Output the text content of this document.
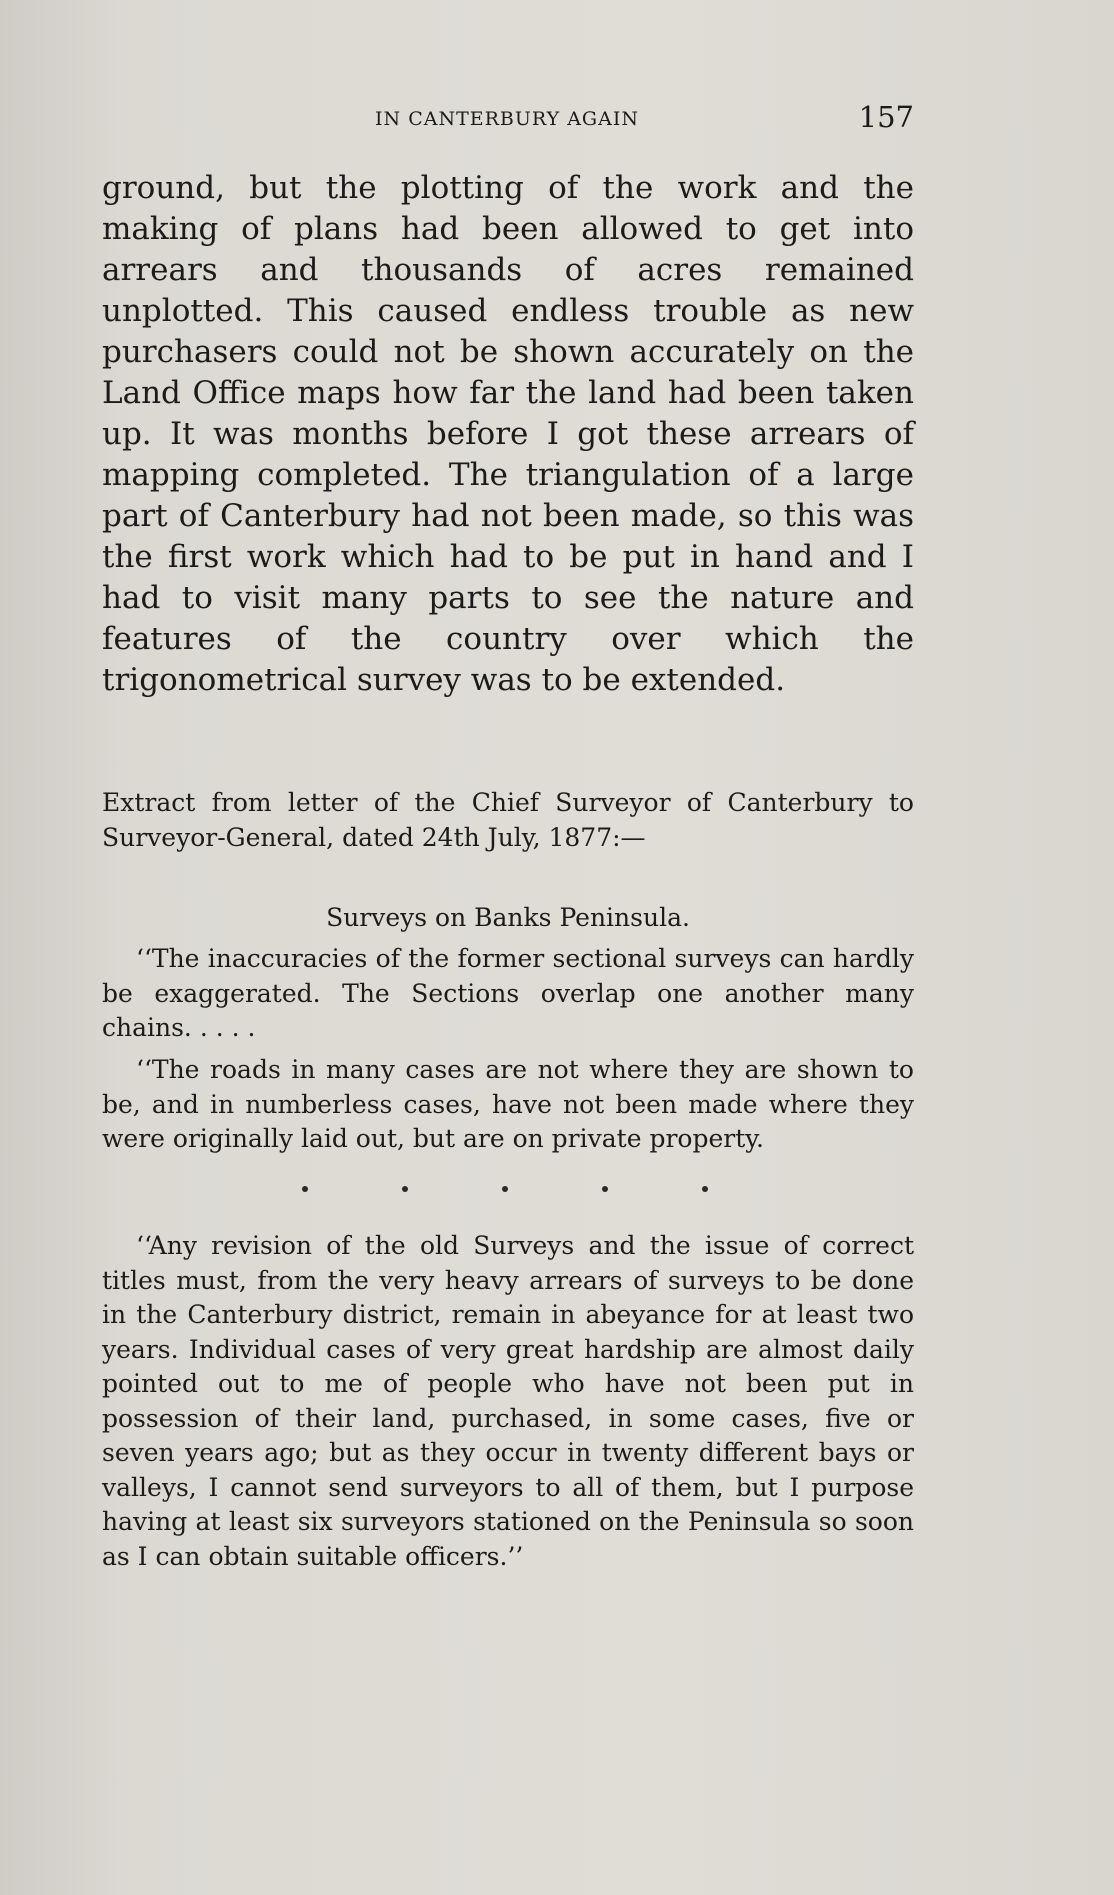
IN CANTERBURY AGAIN	157

ground, but the plotting of the work and the making of plans had been allowed to get into arrears and thousands of acres remained unplotted. This caused endless trouble as new purchasers could not be shown accurately on the Land Office maps how far the land had been taken up. It was months before I got these arrears of mapping completed. The triangulation of a large part of Canterbury had not been made, so this was the first work which had to be put in hand and I had to visit many parts to see the nature and features of the country over which the trigonometrical survey was to be extended.

Extract from letter of the Chief Surveyor of Canterbury to Surveyor-General, dated 24th July, 1877:—

Surveys on Banks Peninsula.

‘‘The inaccuracies of the former sectional surveys can hardly be exaggerated. The Sections overlap one another many chains. . . . .

‘‘The roads in many cases are not where they are shown to be, and in numberless cases, have not been made where they were originally laid out, but are on private property.

‘‘Any revision of the old Surveys and the issue of correct titles must, from the very heavy arrears of surveys to be done in the Canterbury district, remain in abeyance for at least two years. Individual cases of very great hardship are almost daily pointed out to me of people who have not been put in possession of their land, purchased, in some cases, five or seven years ago; but as they occur in twenty different bays or valleys, I cannot send surveyors to all of them, but I purpose having at least six surveyors stationed on the Peninsula so soon as I can obtain suitable officers.’’
